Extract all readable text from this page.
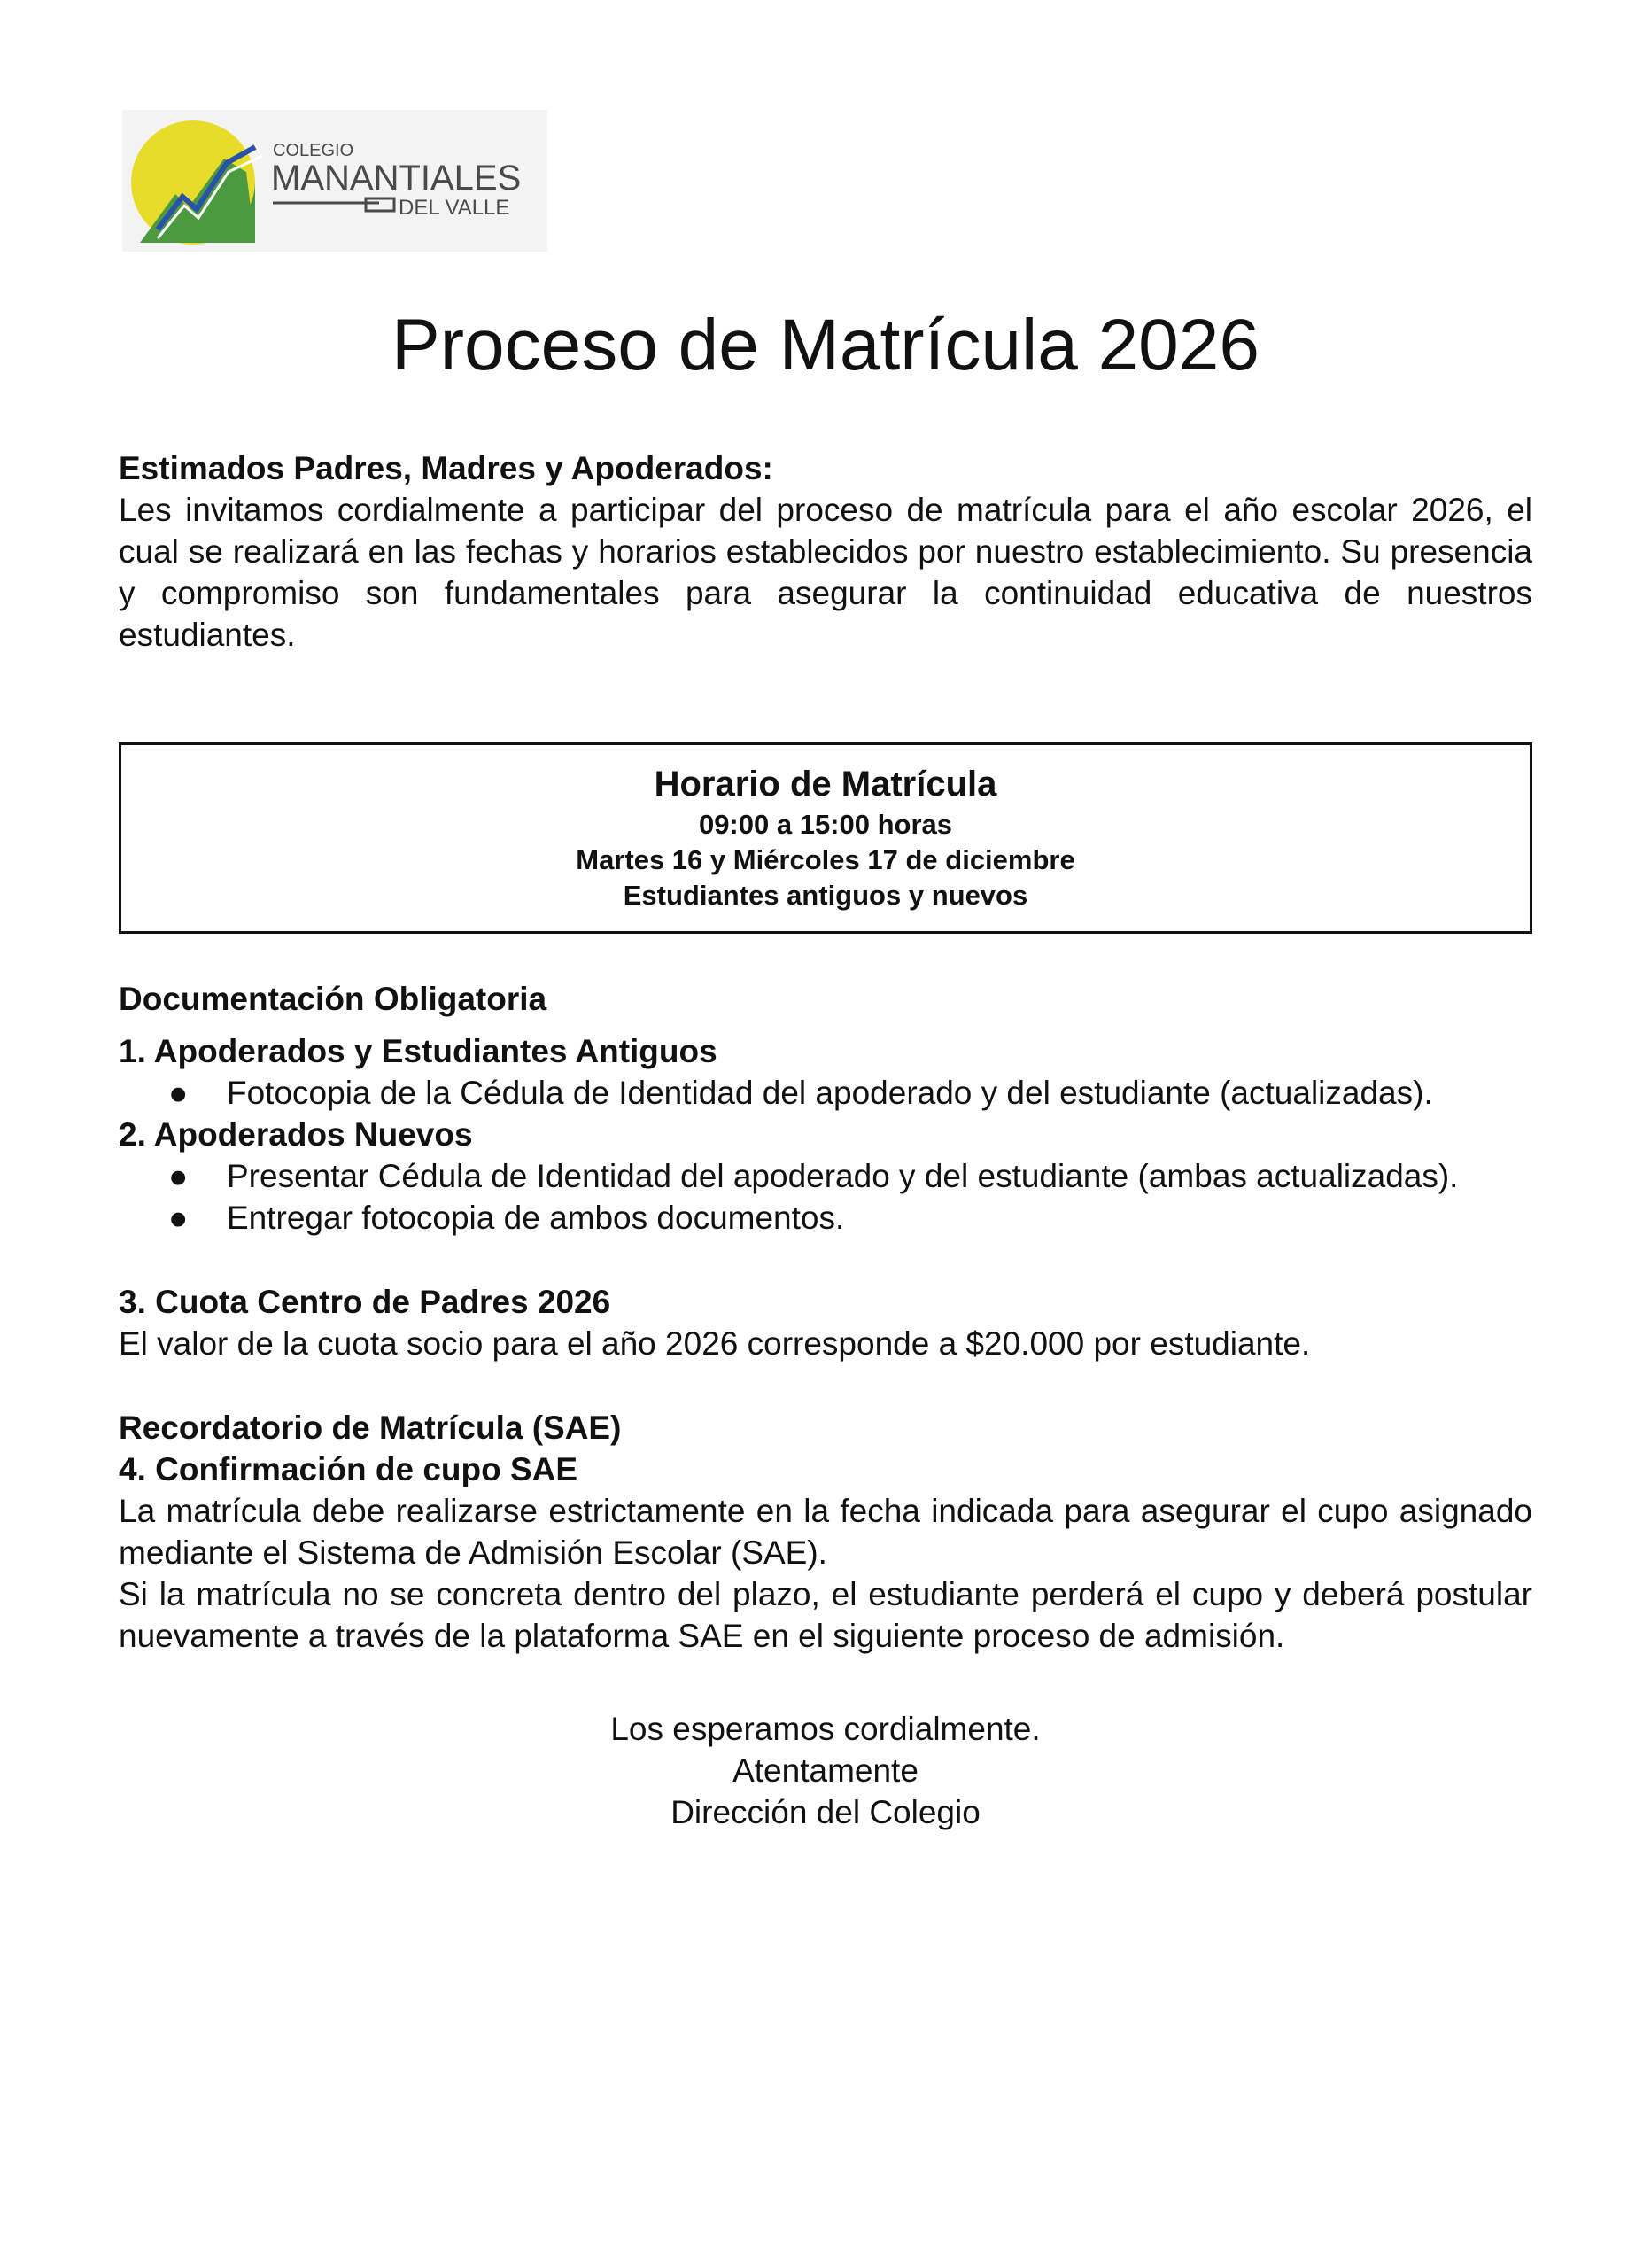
COLEGIO
MANANTIALES
DEL VALLE
Proceso de Matrícula 2026

Estimados Padres, Madres y Apoderados:

Les invitamos cordialmente a participar del proceso de matrícula para el año escolar 2026, el cual se realizará en las fechas y horarios establecidos por nuestro establecimiento. Su presencia y compromiso son fundamentales para asegurar la continuidad educativa de nuestros estudiantes.

Horario de Matrícula
09:00 a 15:00 horas
Martes 16 y Miércoles 17 de diciembre
Estudiantes antiguos y nuevos

Documentación Obligatoria

1. Apoderados y Estudiantes Antiguos

● Fotocopia de la Cédula de Identidad del apoderado y del estudiante (actualizadas).

2. Apoderados Nuevos

● Presentar Cédula de Identidad del apoderado y del estudiante (ambas actualizadas).
● Entregar fotocopia de ambos documentos.

3. Cuota Centro de Padres 2026

El valor de la cuota socio para el año 2026 corresponde a $20.000 por estudiante.

Recordatorio de Matrícula (SAE)

4. Confirmación de cupo SAE

La matrícula debe realizarse estrictamente en la fecha indicada para asegurar el cupo asignado mediante el Sistema de Admisión Escolar (SAE).

Si la matrícula no se concreta dentro del plazo, el estudiante perderá el cupo y deberá postular nuevamente a través de la plataforma SAE en el siguiente proceso de admisión.

Los esperamos cordialmente.

Atentamente

Dirección del Colegio
